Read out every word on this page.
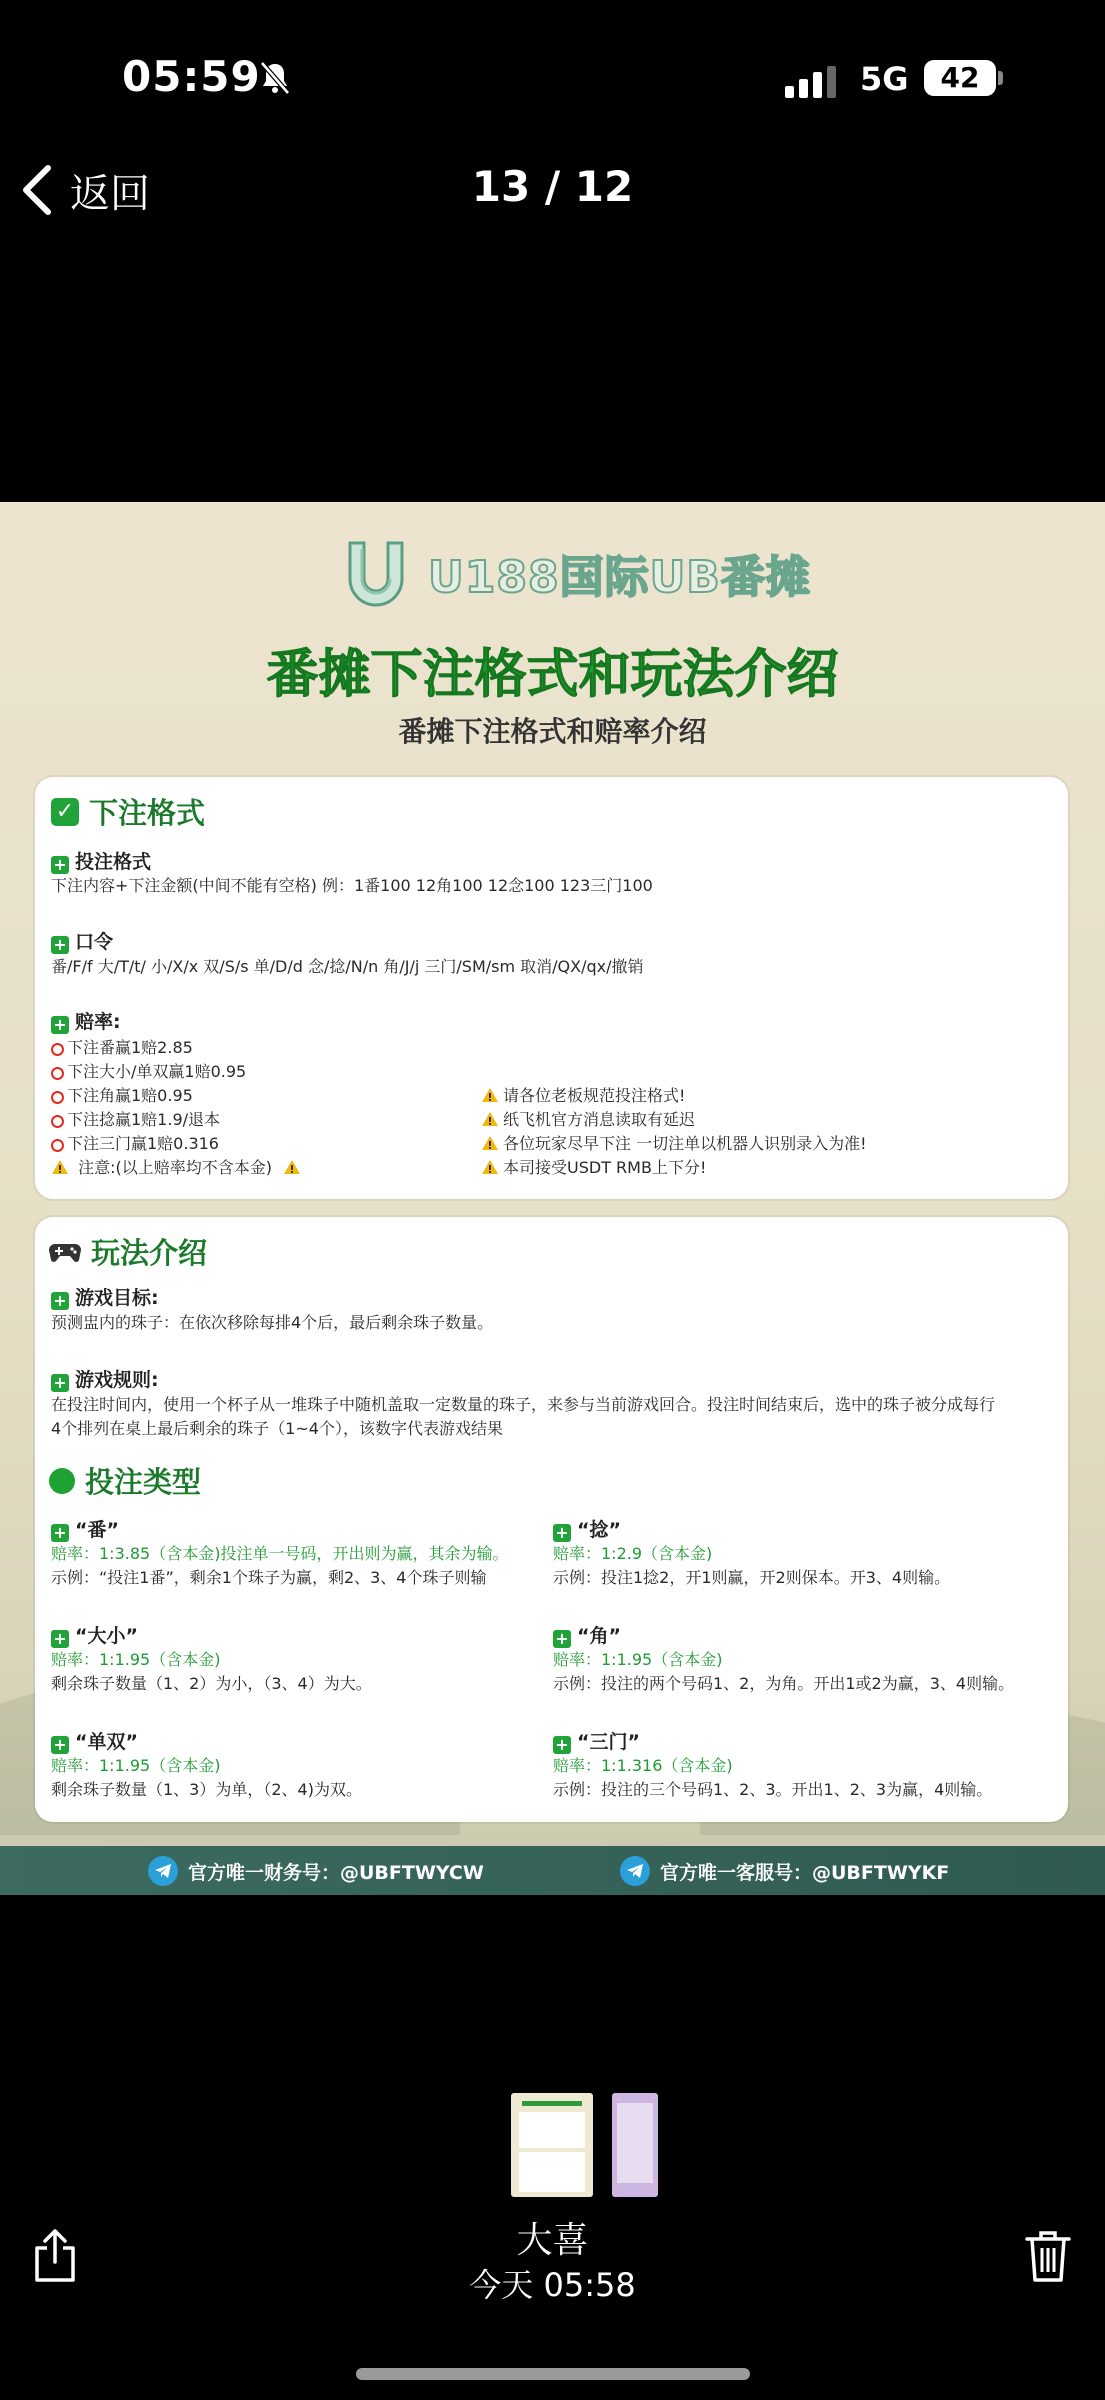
05:59	5G	42
返回	13 / 12
U188国际UB番摊
番摊下注格式和玩法介绍
番摊下注格式和赔率介绍
✓ 下注格式
+ 投注格式
下注内容+下注金额(中间不能有空格) 例：1番100 12角100 12念100 123三门100
+ 口令
番/F/f 大/T/t/ 小/X/x 双/S/s 单/D/d 念/捻/N/n 角/J/j 三门/SM/sm 取消/QX/qx/撤销
+ 赔率:
下注番赢1赔2.85
下注大小/单双赢1赔0.95
下注角赢1赔0.95
下注捻赢1赔1.9/退本
下注三门赢1赔0.316
注意:(以上赔率均不含本金)
请各位老板规范投注格式!
纸飞机官方消息读取有延迟
各位玩家尽早下注 一切注单以机器人识别录入为准!
本司接受USDT RMB上下分!
玩法介绍
+ 游戏目标:
预测盅内的珠子：在依次移除每排4个后，最后剩余珠子数量。
+ 游戏规则:
在投注时间内，使用一个杯子从一堆珠子中随机盖取一定数量的珠子，来参与当前游戏回合。投注时间结束后，选中的珠子被分成每行4个排列在桌上最后剩余的珠子（1~4个），该数字代表游戏结果
投注类型
+ “番”
赔率：1:3.85（含本金)投注单一号码，开出则为赢，其余为输。
示例：“投注1番”，剩余1个珠子为赢，剩2、3、4个珠子则输
+ “捻”
赔率：1:2.9（含本金)
示例：投注1捻2，开1则赢，开2则保本。开3、4则输。
+ “大小”
赔率：1:1.95（含本金)
剩余珠子数量（1、2）为小，（3、4）为大。
+ “角”
赔率：1:1.95（含本金)
示例：投注的两个号码1、2，为角。开出1或2为赢，3、4则输。
+ “单双”
赔率：1:1.95（含本金)
剩余珠子数量（1、3）为单，（2、4)为双。
+ “三门”
赔率：1:1.316（含本金)
示例：投注的三个号码1、2、3。开出1、2、3为赢，4则输。
官方唯一财务号：@UBFTWYCW	官方唯一客服号：@UBFTWYKF
大喜
今天 05:58
